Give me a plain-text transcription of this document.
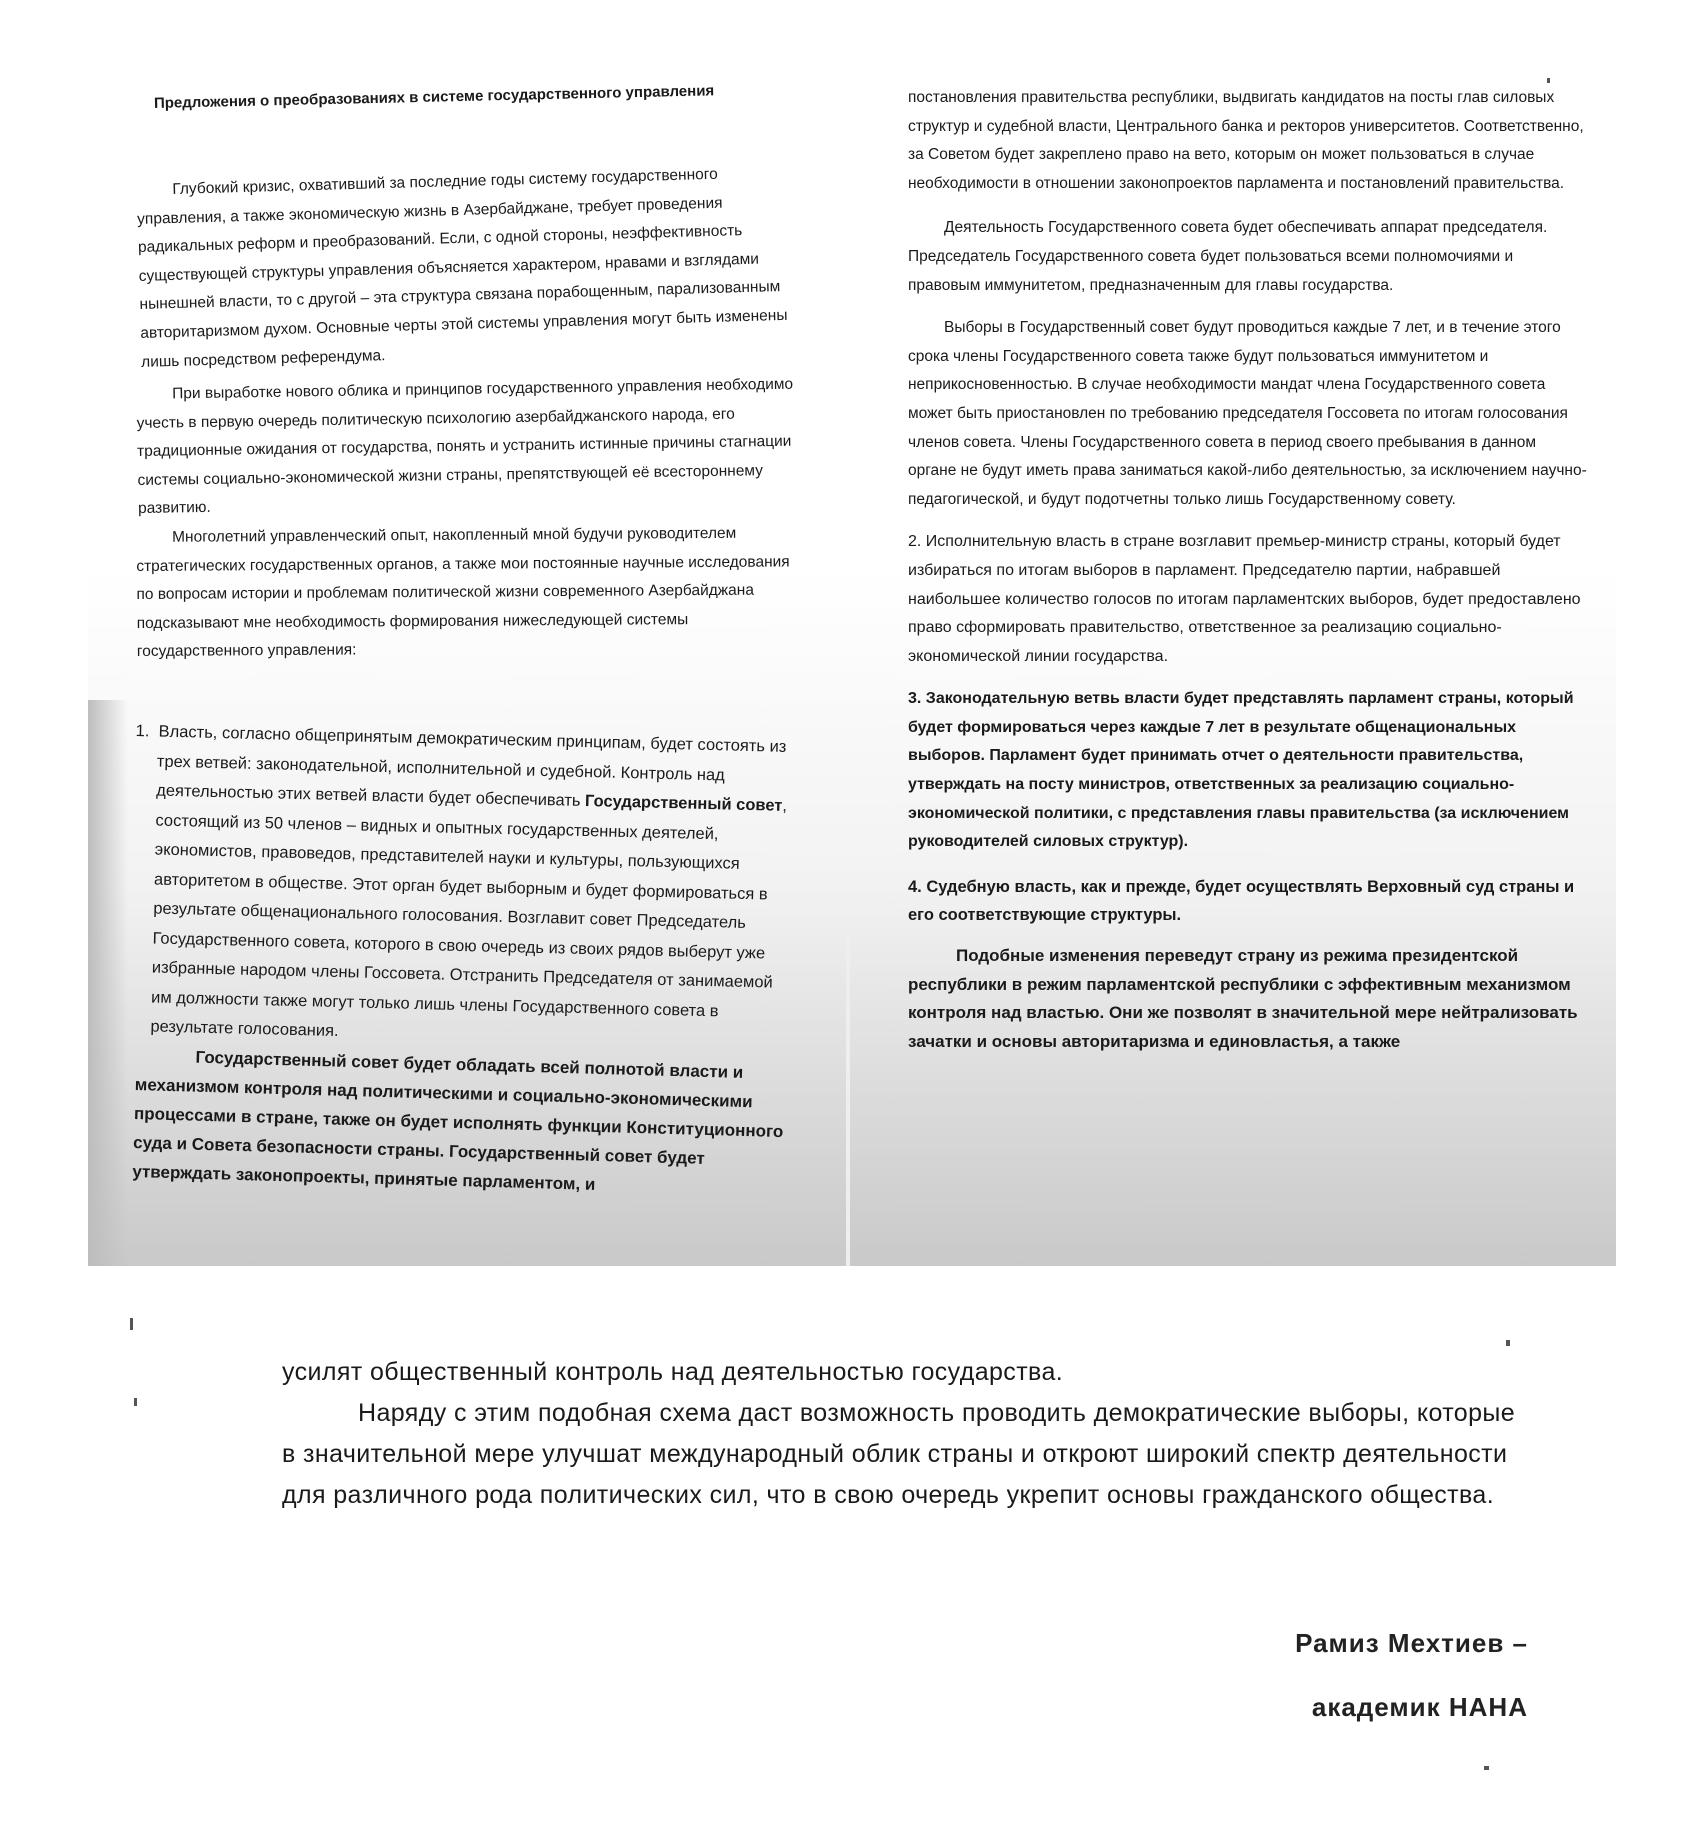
Предложения о преобразованиях в системе государственного управления

Глубокий кризис, охвативший за последние годы систему государственного управления, а также экономическую жизнь в Азербайджане, требует проведения радикальных реформ и преобразований. Если, с одной стороны, неэффективность существующей структуры управления объясняется характером, нравами и взглядами нынешней власти, то с другой – эта структура связана порабощенным, парализованным авторитаризмом духом. Основные черты этой системы управления могут быть изменены лишь посредством референдума.

При выработке нового облика и принципов государственного управления необходимо учесть в первую очередь политическую психологию азербайджанского народа, его традиционные ожидания от государства, понять и устранить истинные причины стагнации системы социально-экономической жизни страны, препятствующей её всестороннему развитию.

Многолетний управленческий опыт, накопленный мной будучи руководителем стратегических государственных органов, а также мои постоянные научные исследования по вопросам истории и проблемам политической жизни современного Азербайджана подсказывают мне необходимость формирования нижеследующей системы государственного управления:

1. Власть, согласно общепринятым демократическим принципам, будет состоять из трех ветвей: законодательной, исполнительной и судебной. Контроль над деятельностью этих ветвей власти будет обеспечивать Государственный совет, состоящий из 50 членов – видных и опытных государственных деятелей, экономистов, правоведов, представителей науки и культуры, пользующихся авторитетом в обществе. Этот орган будет выборным и будет формироваться в результате общенационального голосования. Возглавит совет Председатель Государственного совета, которого в свою очередь из своих рядов выберут уже избранные народом члены Госсовета. Отстранить Председателя от занимаемой им должности также могут только лишь члены Государственного совета в результате голосования.

Государственный совет будет обладать всей полнотой власти и механизмом контроля над политическими и социально-экономическими процессами в стране, также он будет исполнять функции Конституционного суда и Совета безопасности страны. Государственный совет будет утверждать законопроекты, принятые парламентом, и

постановления правительства республики, выдвигать кандидатов на посты глав силовых структур и судебной власти, Центрального банка и ректоров университетов. Соответственно, за Советом будет закреплено право на вето, которым он может пользоваться в случае необходимости в отношении законопроектов парламента и постановлений правительства.

Деятельность Государственного совета будет обеспечивать аппарат председателя. Председатель Государственного совета будет пользоваться всеми полномочиями и правовым иммунитетом, предназначенным для главы государства.

Выборы в Государственный совет будут проводиться каждые 7 лет, и в течение этого срока члены Государственного совета также будут пользоваться иммунитетом и неприкосновенностью. В случае необходимости мандат члена Государственного совета может быть приостановлен по требованию председателя Госсовета по итогам голосования членов совета. Члены Государственного совета в период своего пребывания в данном органе не будут иметь права заниматься какой-либо деятельностью, за исключением научно-педагогической, и будут подотчетны только лишь Государственному совету.

2. Исполнительную власть в стране возглавит премьер-министр страны, который будет избираться по итогам выборов в парламент. Председателю партии, набравшей наибольшее количество голосов по итогам парламентских выборов, будет предоставлено право сформировать правительство, ответственное за реализацию социально-экономической линии государства.

3. Законодательную ветвь власти будет представлять парламент страны, который будет формироваться через каждые 7 лет в результате общенациональных выборов. Парламент будет принимать отчет о деятельности правительства, утверждать на посту министров, ответственных за реализацию социально-экономической политики, с представления главы правительства (за исключением руководителей силовых структур).

4. Судебную власть, как и прежде, будет осуществлять Верховный суд страны и его соответствующие структуры.

Подобные изменения переведут страну из режима президентской республики в режим парламентской республики с эффективным механизмом контроля над властью. Они же позволят в значительной мере нейтрализовать зачатки и основы авторитаризма и единовластья, а также

усилят общественный контроль над деятельностью государства.

Наряду с этим подобная схема даст возможность проводить демократические выборы, которые в значительной мере улучшат международный облик страны и откроют широкий спектр деятельности для различного рода политических сил, что в свою очередь укрепит основы гражданского общества.

Рамиз Мехтиев –
академик НАНА
